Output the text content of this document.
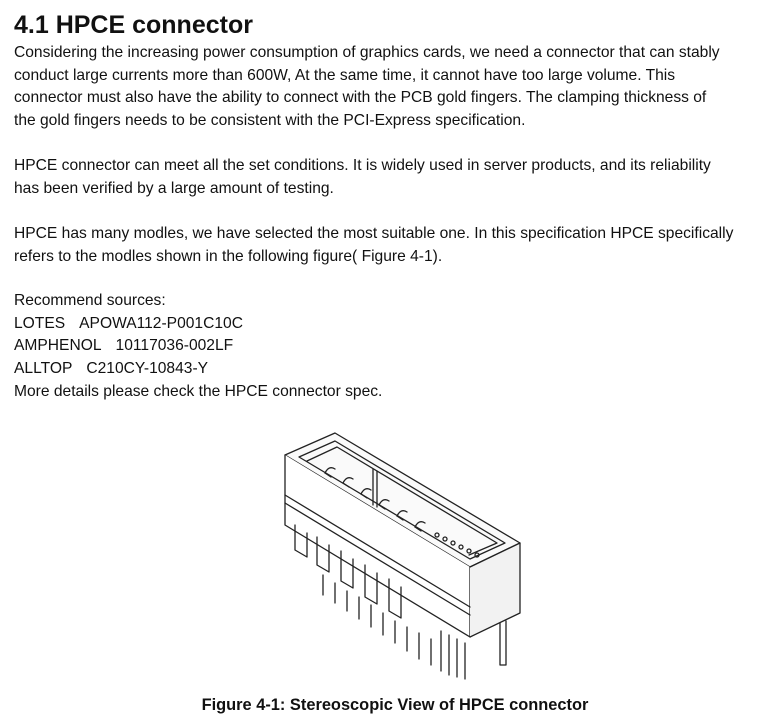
4.1 HPCE connector

Considering the increasing power consumption of graphics cards, we need a connector that can stably
conduct large currents more than 600W, At the same time, it cannot have too large volume. This
connector must also have the ability to connect with the PCB gold fingers. The clamping thickness of
the gold fingers needs to be consistent with the PCI-Express specification.

HPCE connector can meet all the set conditions. It is widely used in server products, and its reliability
has been verified by a large amount of testing.

HPCE has many modles, we have selected the most suitable one. In this specification HPCE specifically
refers to the modles shown in the following figure( Figure 4-1).

Recommend sources:
LOTES APOWA112-P001C10C
AMPHENOL 10117036-002LF
ALLTOP C210CY-10843-Y
More details please check the HPCE connector spec.

Figure 4-1: Stereoscopic View of HPCE connector
